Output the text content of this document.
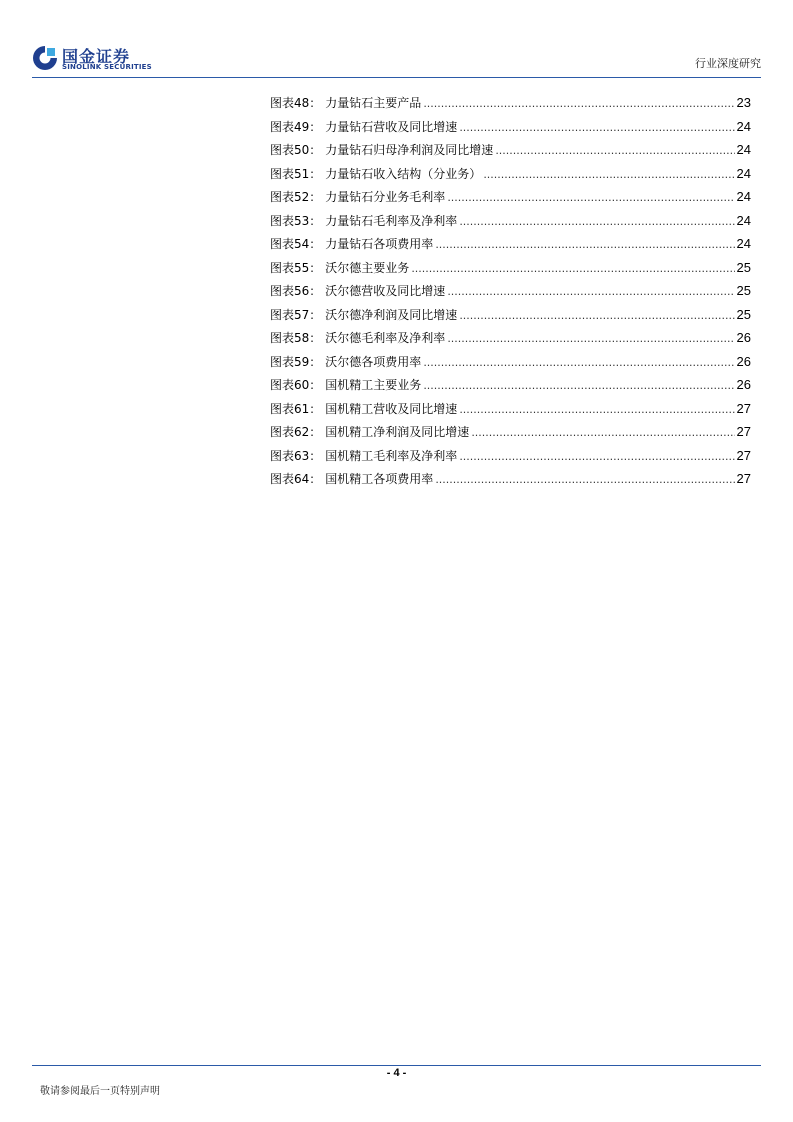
国金证券
SINOLINK SECURITIES	行业深度研究
图表48 ： 力量钻石主要产品 .....	23
图表49 ： 力量钻石营收及同比增速 .....	24
图表50 ： 力量钻石归母净利润及同比增速 .....	24
图表51 ： 力量钻石收入结构（分业务） .....	24
图表52 ： 力量钻石分业务毛利率 .....	24
图表53 ： 力量钻石毛利率及净利率 .....	24
图表54 ： 力量钻石各项费用率 .....	24
图表55 ： 沃尔德主要业务 .....	25
图表56 ： 沃尔德营收及同比增速 .....	25
图表57 ： 沃尔德净利润及同比增速 .....	25
图表58 ： 沃尔德毛利率及净利率 .....	26
图表59 ： 沃尔德各项费用率 .....	26
图表60 ： 国机精工主要业务 .....	26
图表61 ： 国机精工营收及同比增速 .....	27
图表62 ： 国机精工净利润及同比增速 .....	27
图表63 ： 国机精工毛利率及净利率 .....	27
图表64 ： 国机精工各项费用率 .....	27
- 4 -
敬请参阅最后一页特别声明
